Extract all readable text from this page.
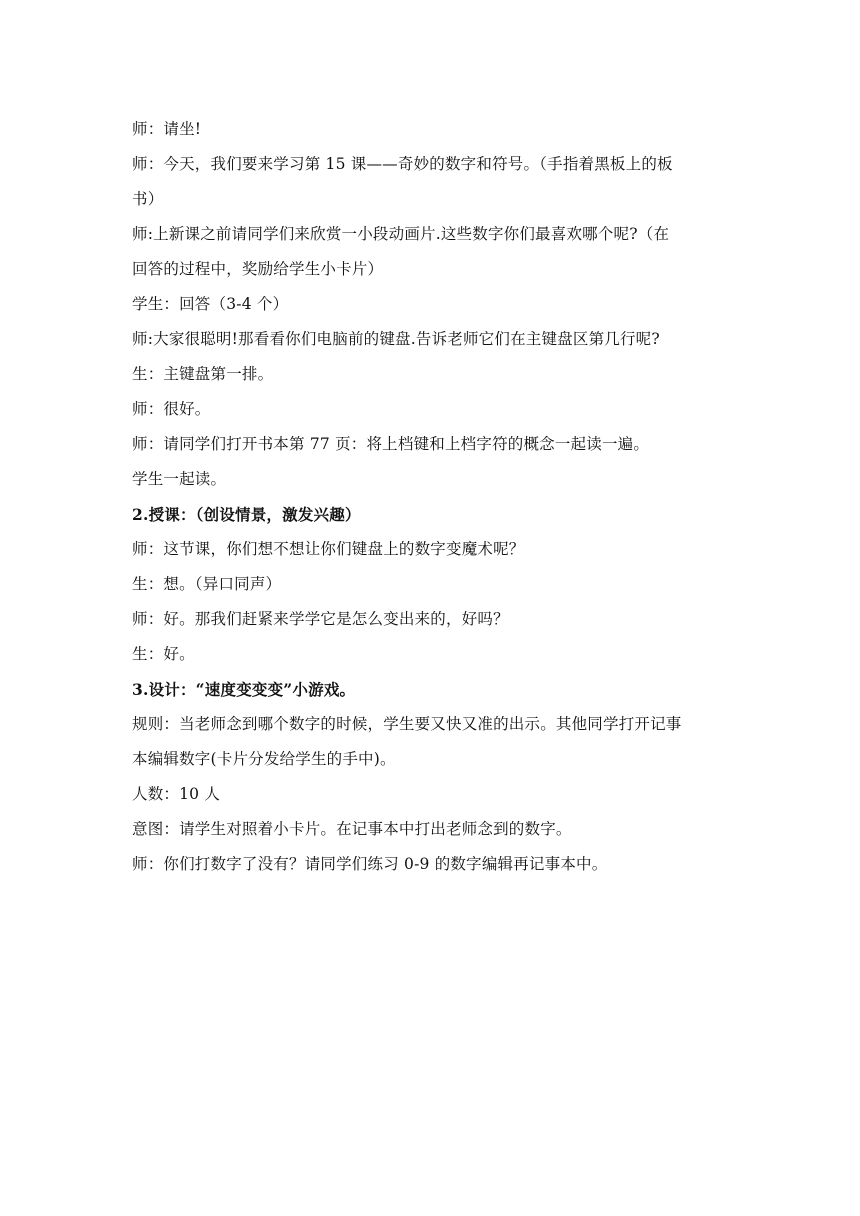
师：请坐!
师：今天，我们要来学习第 15 课——奇妙的数字和符号。（手指着黑板上的板
书）
师:上新课之前请同学们来欣赏一小段动画片.这些数字你们最喜欢哪个呢?（在
回答的过程中，奖励给学生小卡片）
学生：回答（3-4 个）
师:大家很聪明!那看看你们电脑前的键盘.告诉老师它们在主键盘区第几行呢?
生：主键盘第一排。
师：很好。
师：请同学们打开书本第 77 页：将上档键和上档字符的概念一起读一遍。
学生一起读。
2.授课：（创设情景，激发兴趣）
师：这节课，你们想不想让你们键盘上的数字变魔术呢？
生：想。（异口同声）
师：好。那我们赶紧来学学它是怎么变出来的，好吗？
生：好。
3.设计：“速度变变变”小游戏。
规则：当老师念到哪个数字的时候，学生要又快又准的出示。其他同学打开记事
本编辑数字(卡片分发给学生的手中)。
人数：10 人
意图：请学生对照着小卡片。在记事本中打出老师念到的数字。
师：你们打数字了没有？请同学们练习 0-9 的数字编辑再记事本中。
